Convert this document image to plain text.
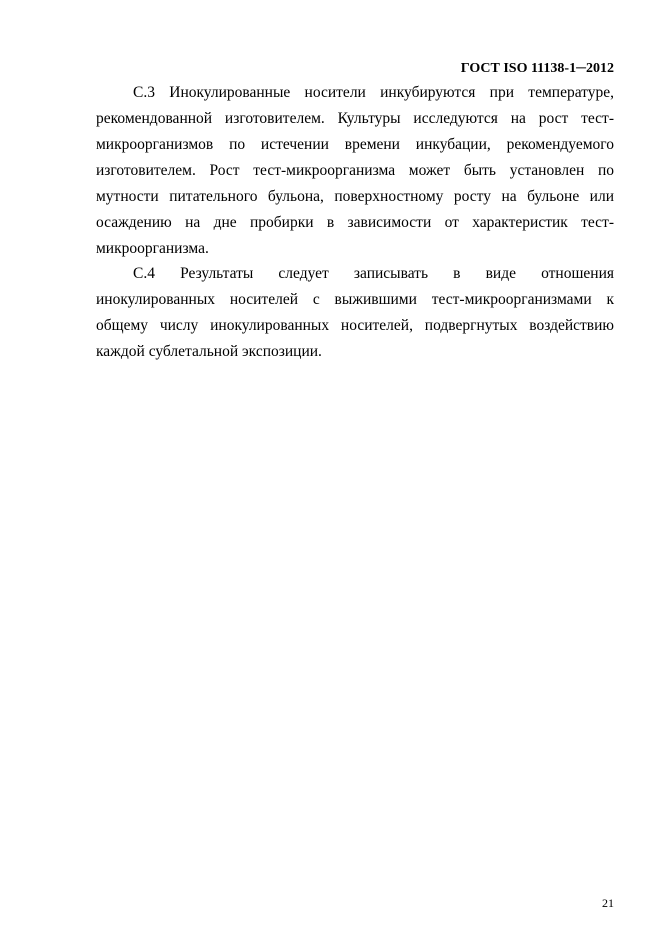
ГОСТ ISO 11138-1─2012
С.3 Инокулированные носители инкубируются при температуре,
рекомендованной изготовителем. Культуры исследуются на рост тест-
микроорганизмов по истечении времени инкубации, рекомендуемого
изготовителем. Рост тест-микроорганизма может быть установлен по
мутности питательного бульона, поверхностному росту на бульоне или
осаждению на дне пробирки в зависимости от характеристик тест-
микроорганизма.
С.4 Результаты следует записывать в виде отношения
инокулированных носителей с выжившими тест-микроорганизмами к
общему числу инокулированных носителей, подвергнутых воздействию
каждой сублетальной экспозиции.
21
